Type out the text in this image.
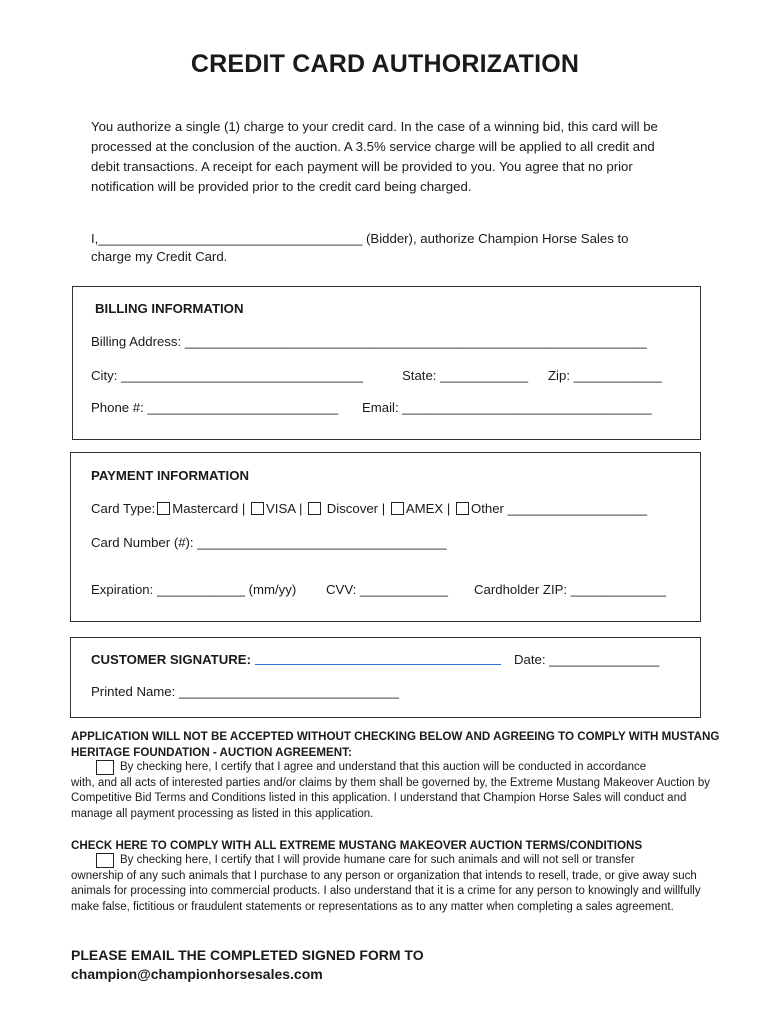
CREDIT CARD AUTHORIZATION
You authorize a single (1) charge to your credit card. In the case of a winning bid, this card will be processed at the conclusion of the auction. A 3.5% service charge will be applied to all credit and debit transactions. A receipt for each payment will be provided to you. You agree that no prior notification will be provided prior to the credit card being charged.
I,____________________________________ (Bidder), authorize Champion Horse Sales to
charge my Credit Card.
BILLING INFORMATION
Billing Address: _______________________________________________________________
City: _________________________________	State: ____________ Zip: ____________
Phone #: __________________________ Email: __________________________________
PAYMENT INFORMATION
Card Type: Mastercard | VISA | Discover | AMEX | Other ___________________
Card Number (#): __________________________________
Expiration: ____________ (mm/yy) CVV: ____________ Cardholder ZIP: _____________
CUSTOMER SIGNATURE:	Date: _______________
Printed Name: ______________________________
APPLICATION WILL NOT BE ACCEPTED WITHOUT CHECKING BELOW AND AGREEING TO COMPLY WITH MUSTANG HERITAGE FOUNDATION - AUCTION AGREEMENT:
By checking here, I certify that I agree and understand that this auction will be conducted in accordance
with, and all acts of interested parties and/or claims by them shall be governed by, the Extreme Mustang Makeover Auction by Competitive Bid Terms and Conditions listed in this application. I understand that Champion Horse Sales will conduct and manage all payment processing as listed in this application.
CHECK HERE TO COMPLY WITH ALL EXTREME MUSTANG MAKEOVER AUCTION TERMS/CONDITIONS
By checking here, I certify that I will provide humane care for such animals and will not sell or transfer
ownership of any such animals that I purchase to any person or organization that intends to resell, trade, or give away such animals for processing into commercial products. I also understand that it is a crime for any person to knowingly and willfully make false, fictitious or fraudulent statements or representations as to any matter when completing a sales agreement.
PLEASE EMAIL THE COMPLETED SIGNED FORM TO
champion@championhorsesales.com
